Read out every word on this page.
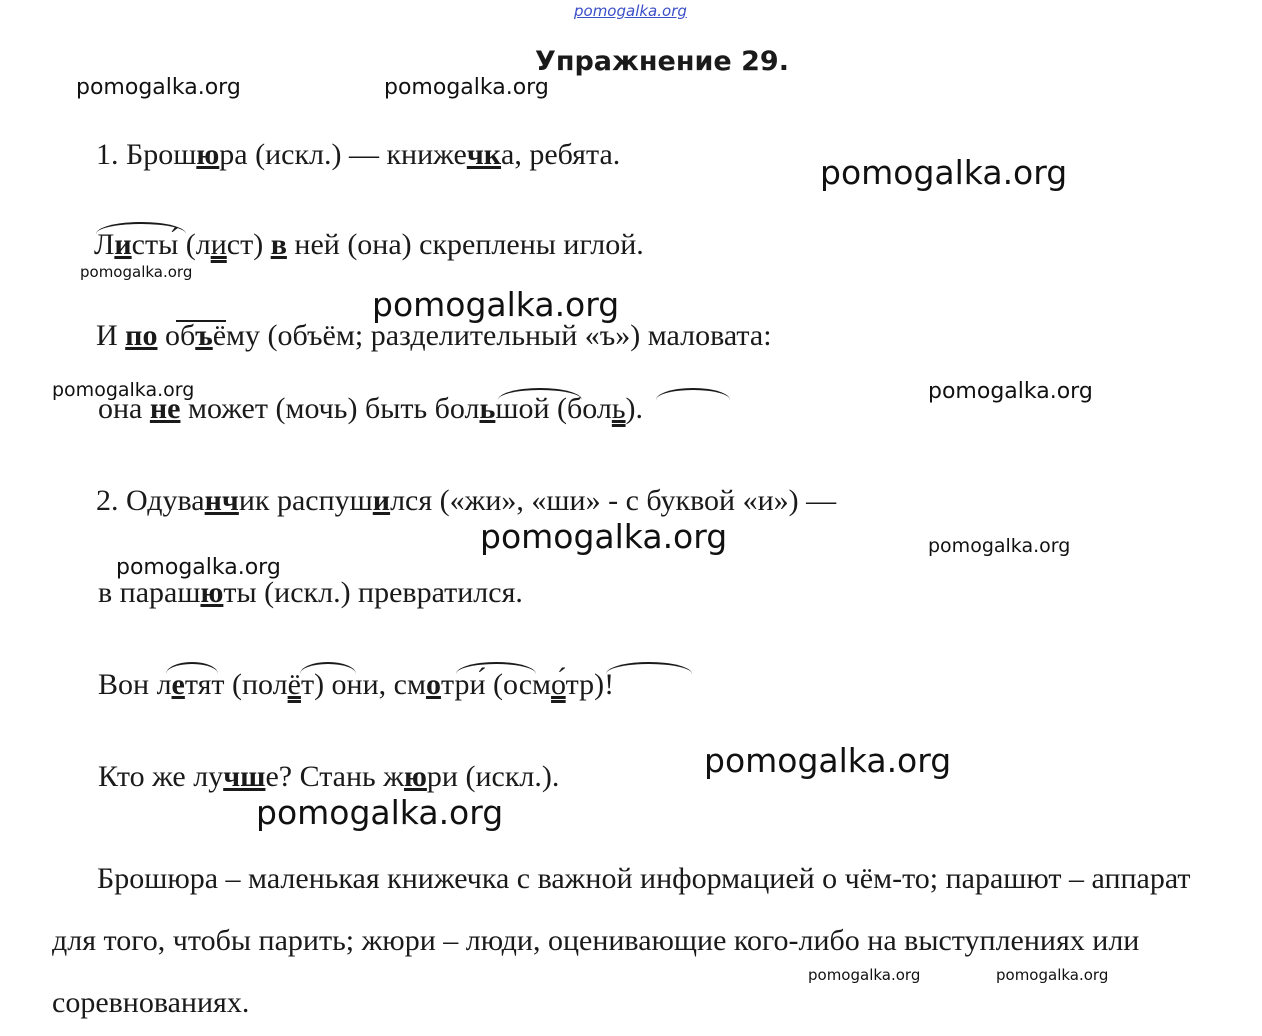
pomogalka.org

pomogalka.org	pomogalka.org

pomogalka.org

pomogalka.org

pomogalka.org

pomogalka.org	pomogalka.org

pomogalka.org	pomogalka.org

pomogalka.org

pomogalka.org

pomogalka.org

pomogalka.org	pomogalka.org

Упражнение 29.

1. Брошюра (искл.) — книжечка, ребята.

Листы́ (лист) в ней (она) скреплены иглой.

И по объёму (объём; разделительный «ъ») маловата:

она не может (мочь) быть большой (боль).

2. Одуванчик распушился («жи», «ши» - с буквой «и») —

в парашюты (искл.) превратился.

Вон летят (полёт) они, смотри́ (осмо́тр)!

Кто же лучше? Стань жюри (искл.).

Брошюра – маленькая книжечка с важной информацией о чём-то; парашют – аппарат для того, чтобы парить; жюри – люди, оценивающие кого-либо на выступлениях или соревнованиях.
